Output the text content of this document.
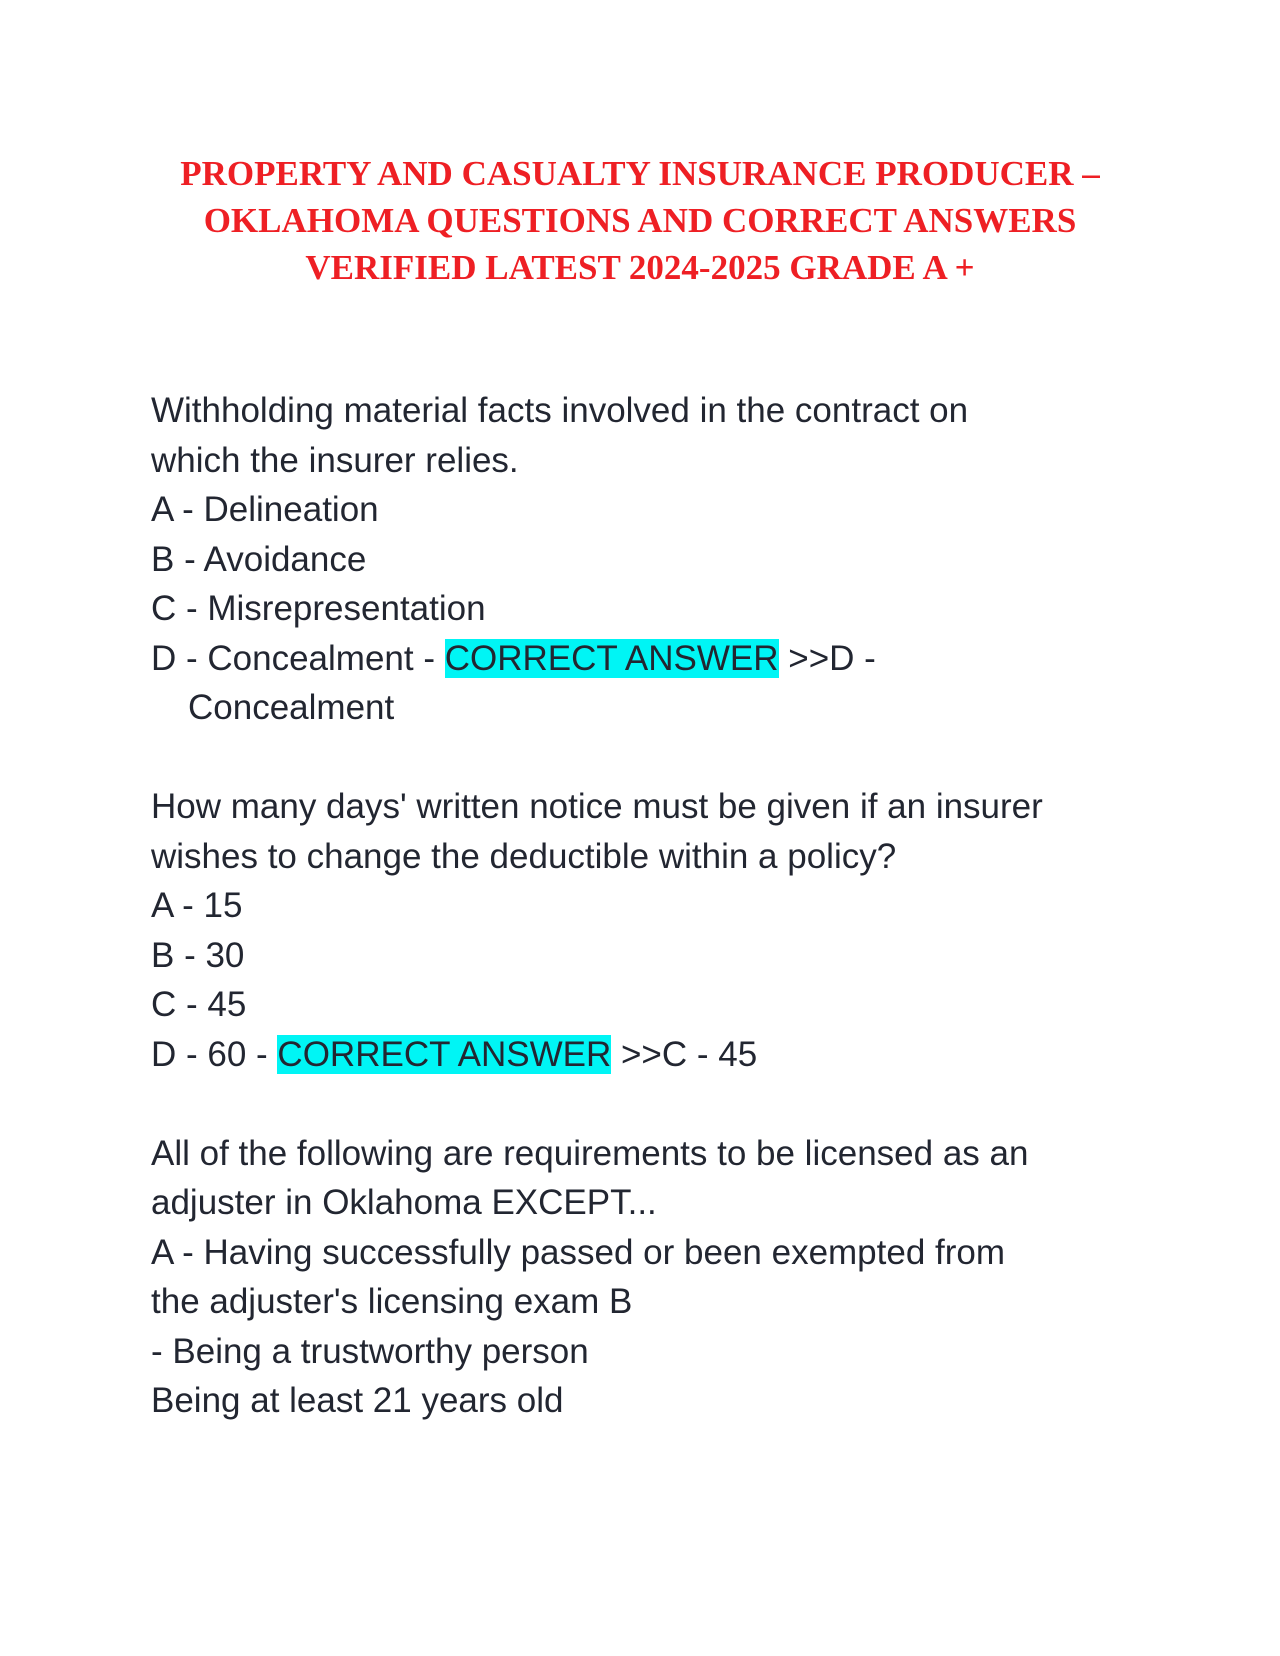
PROPERTY AND CASUALTY INSURANCE PRODUCER –
OKLAHOMA QUESTIONS AND CORRECT ANSWERS
VERIFIED LATEST 2024-2025 GRADE A +
Withholding material facts involved in the contract on
which the insurer relies.
A - Delineation
B - Avoidance
C - Misrepresentation
D - Concealment - CORRECT ANSWER >>D -
Concealment
How many days' written notice must be given if an insurer
wishes to change the deductible within a policy?
A - 15
B - 30
C - 45
D - 60 - CORRECT ANSWER >>C - 45
All of the following are requirements to be licensed as an
adjuster in Oklahoma EXCEPT...
A - Having successfully passed or been exempted from
the adjuster's licensing exam B
- Being a trustworthy person
Being at least 21 years old
